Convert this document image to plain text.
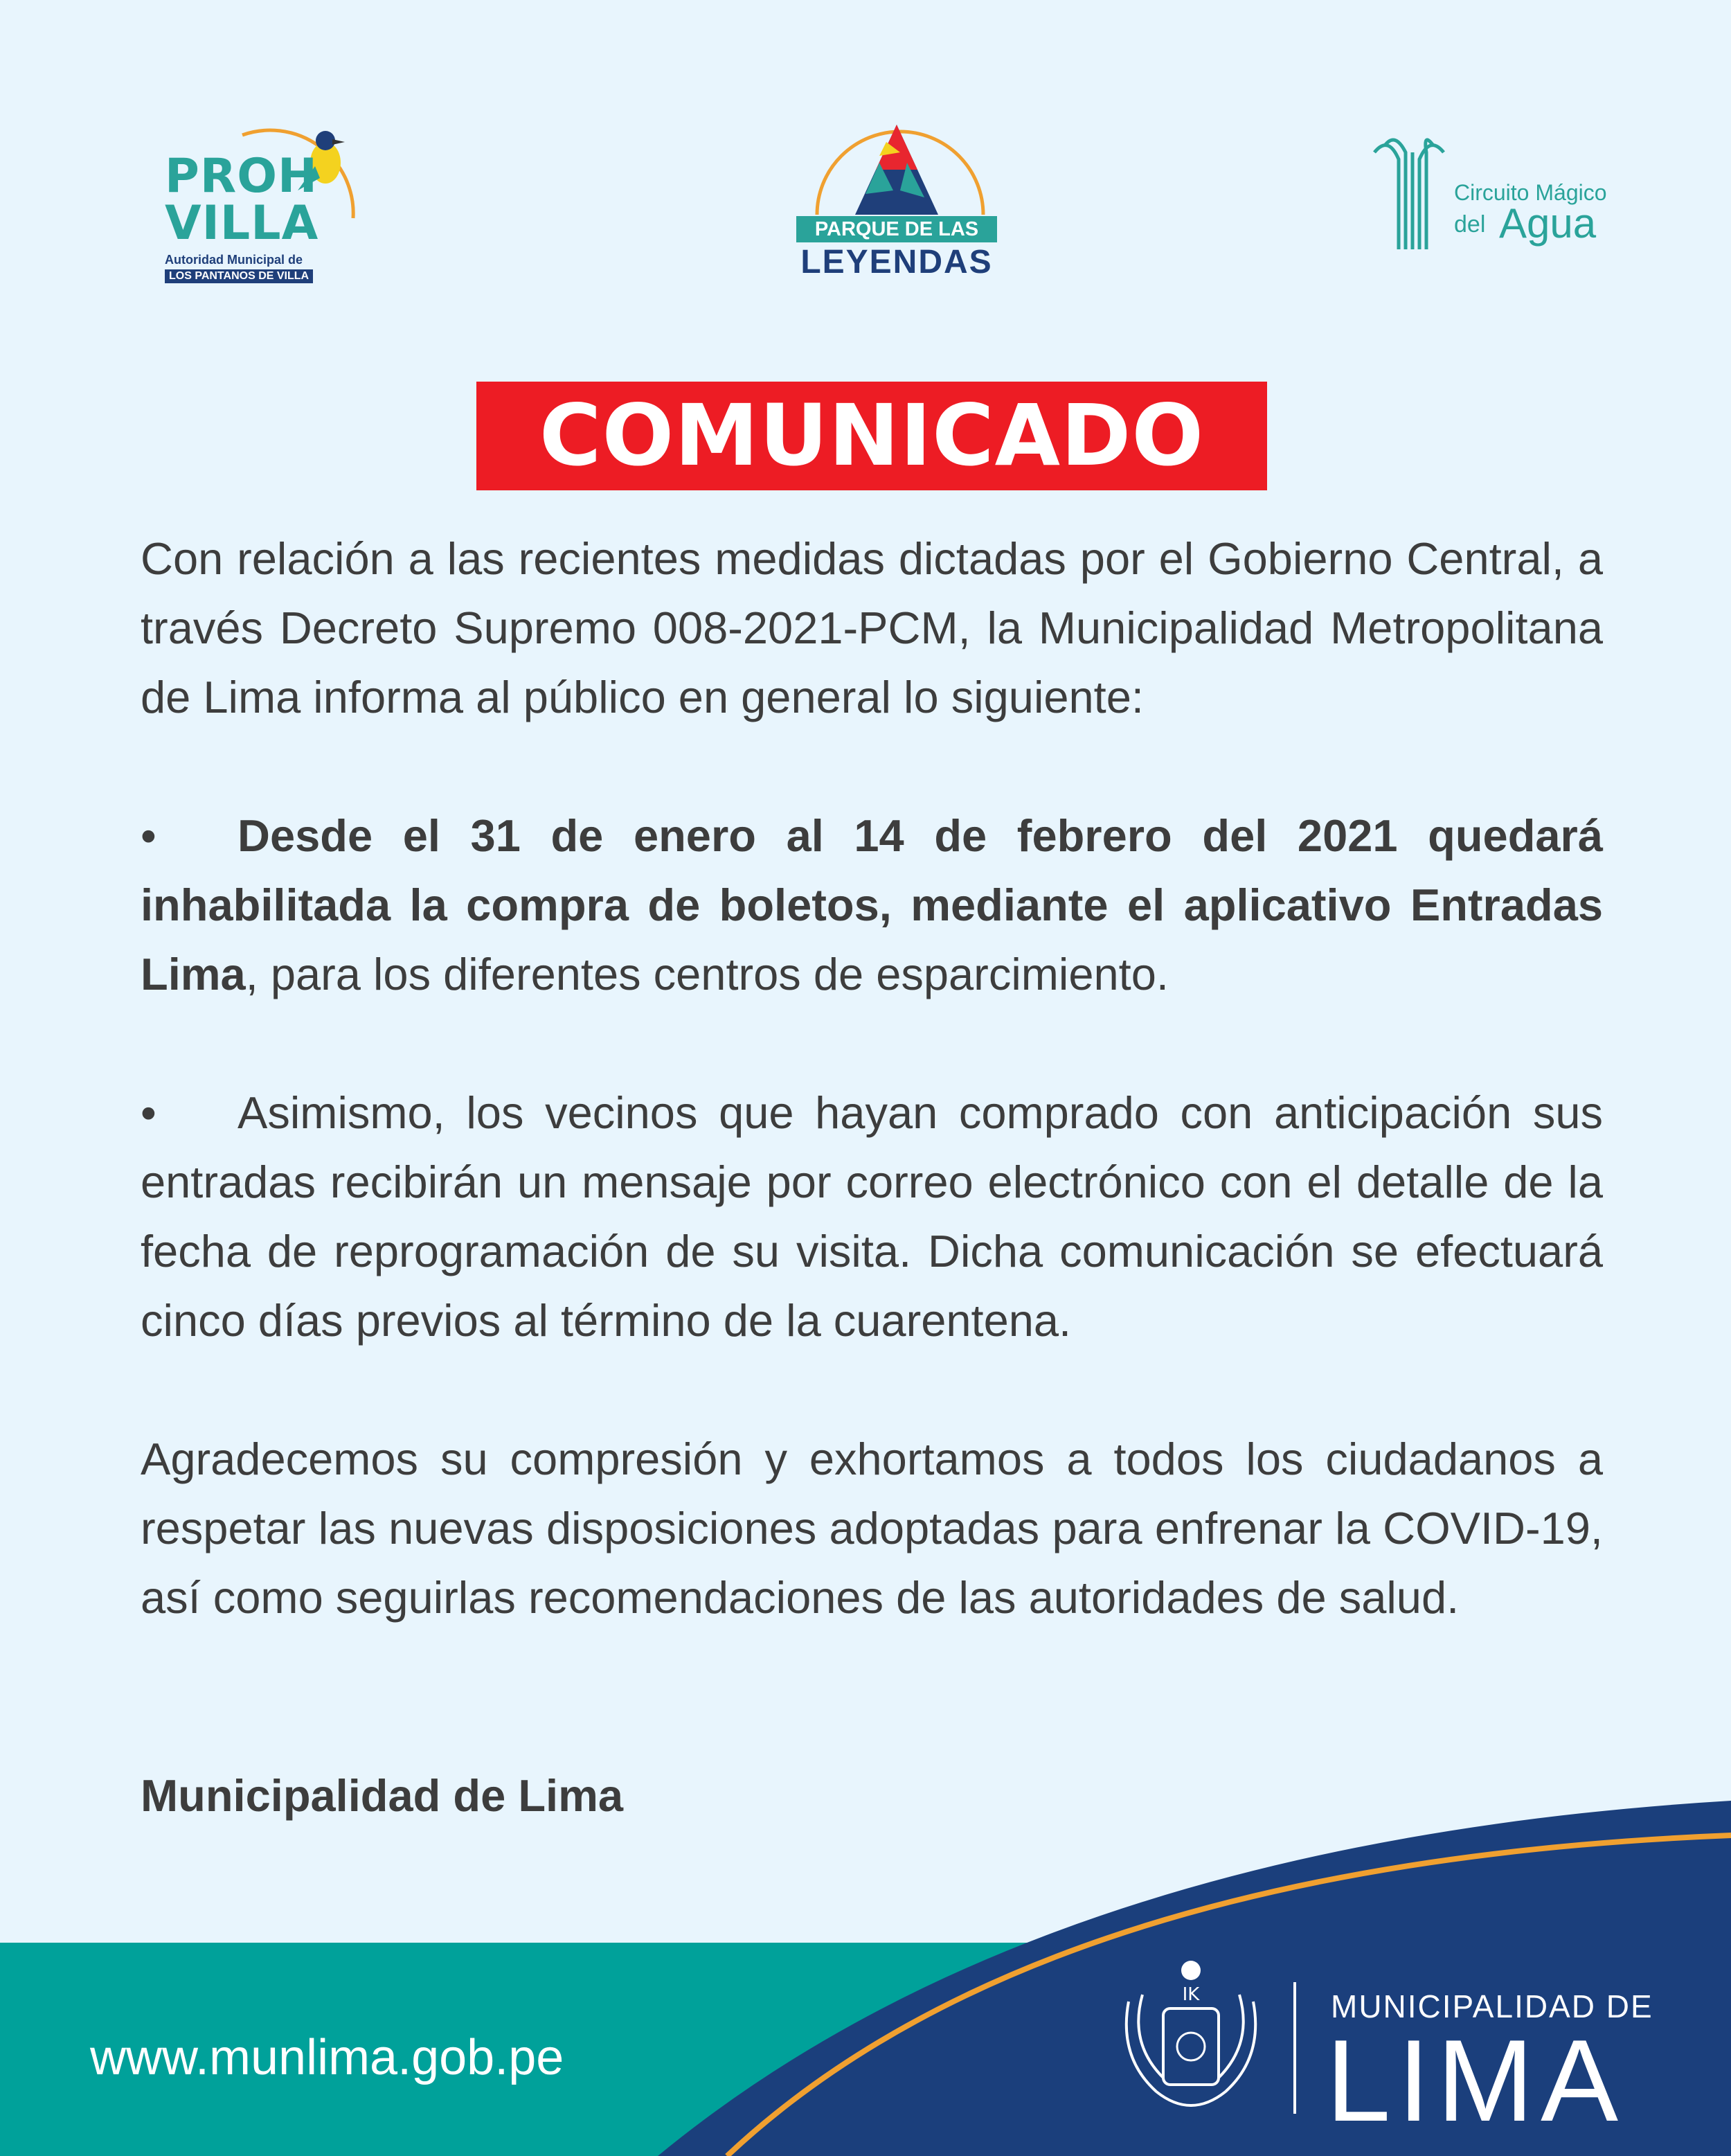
PROH
VILLA
Autoridad Municipal de
LOS PANTANOS DE VILLA
PARQUE DE LAS
LEYENDAS
Circuito Mágico
del Agua
COMUNICADO

Con relación a las recientes medidas dictadas por el Gobierno Central, a través Decreto Supremo 008-2021-PCM, la Municipalidad Metropolitana de Lima informa al público en general lo siguiente:

• Desde el 31 de enero al 14 de febrero del 2021 quedará inhabilitada la compra de boletos, mediante el aplicativo Entradas Lima, para los diferentes centros de esparcimiento.

• Asimismo, los vecinos que hayan comprado con anticipación sus entradas recibirán un mensaje por correo electrónico con el detalle de la fecha de reprogramación de su visita. Dicha comunicación se efectuará cinco días previos al término de la cuarentena.

Agradecemos su compresión y exhortamos a todos los ciudadanos a respetar las nuevas disposiciones adoptadas para enfrenar la COVID-19, así como seguirlas recomendaciones de las autoridades de salud.

Municipalidad de Lima
www.munlima.gob.pe
IK	MUNICIPALIDAD DE
LIMA
